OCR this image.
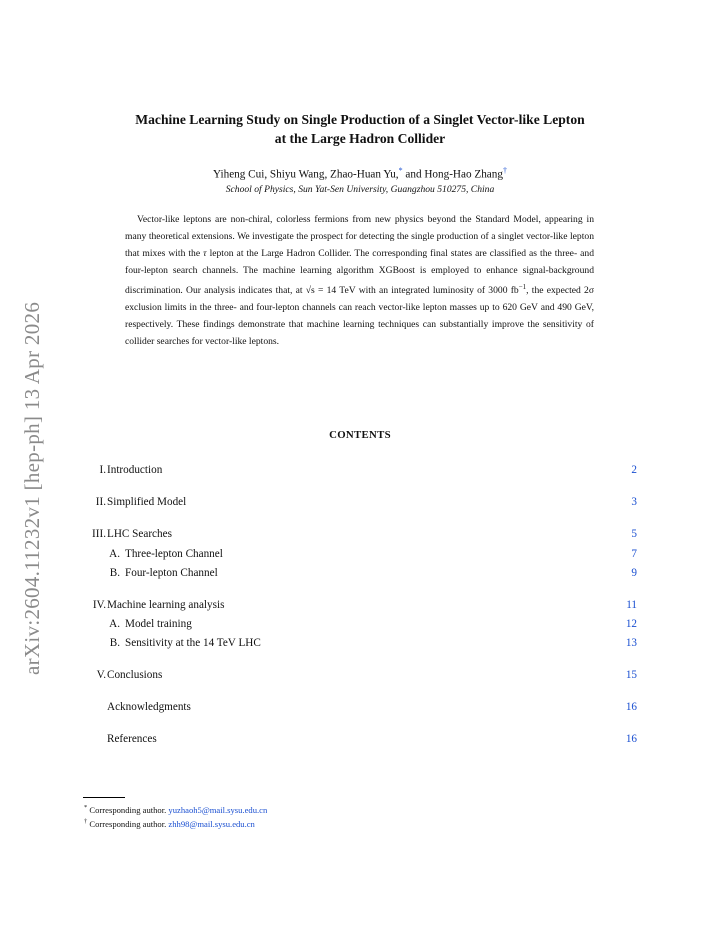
arXiv:2604.11232v1 [hep-ph] 13 Apr 2026
Machine Learning Study on Single Production of a Singlet Vector-like Lepton
at the Large Hadron Collider
Yiheng Cui, Shiyu Wang, Zhao-Huan Yu,* and Hong-Hao Zhang†
School of Physics, Sun Yat-Sen University, Guangzhou 510275, China
Vector-like leptons are non-chiral, colorless fermions from new physics beyond the Standard Model, appearing in many theoretical extensions. We investigate the prospect for detecting the single production of a singlet vector-like lepton that mixes with the τ lepton at the Large Hadron Collider. The corresponding final states are classified as the three- and four-lepton search channels. The machine learning algorithm XGBoost is employed to enhance signal-background discrimination. Our analysis indicates that, at √s = 14 TeV with an integrated luminosity of 3000 $fb^{-1}$, the expected 2σ exclusion limits in the three- and four-lepton channels can reach vector-like lepton masses up to 620 GeV and 490 GeV, respectively. These findings demonstrate that machine learning techniques can substantially improve the sensitivity of collider searches for vector-like leptons.
CONTENTS
I. Introduction	2
II. Simplified Model	3
III. LHC Searches	5
A. Three-lepton Channel	7
B. Four-lepton Channel	9
IV. Machine learning analysis	11
A. Model training	12
B. Sensitivity at the 14 TeV LHC	13
V. Conclusions	15
Acknowledgments	16
References	16
* Corresponding author. yuzhaoh5@mail.sysu.edu.cn
† Corresponding author. zhh98@mail.sysu.edu.cn
